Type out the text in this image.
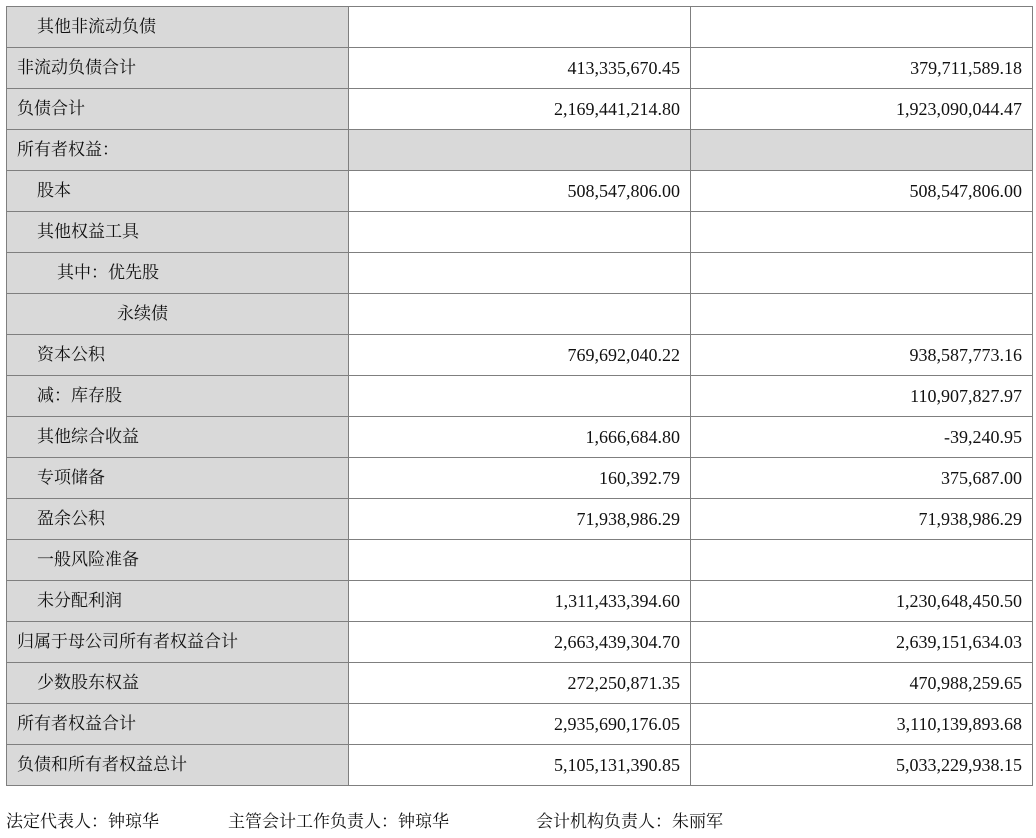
其他非流动负债		
非流动负债合计	413,335,670.45	379,711,589.18
负债合计	2,169,441,214.80	1,923,090,044.47
所有者权益：		
股本	508,547,806.00	508,547,806.00
其他权益工具		
其中：优先股		
永续债		
资本公积	769,692,040.22	938,587,773.16
减：库存股		110,907,827.97
其他综合收益	1,666,684.80	-39,240.95
专项储备	160,392.79	375,687.00
盈余公积	71,938,986.29	71,938,986.29
一般风险准备		
未分配利润	1,311,433,394.60	1,230,648,450.50
归属于母公司所有者权益合计	2,663,439,304.70	2,639,151,634.03
少数股东权益	272,250,871.35	470,988,259.65
所有者权益合计	2,935,690,176.05	3,110,139,893.68
负债和所有者权益总计	5,105,131,390.85	5,033,229,938.15
法定代表人：钟琼华	主管会计工作负责人：钟琼华	会计机构负责人：朱丽军
